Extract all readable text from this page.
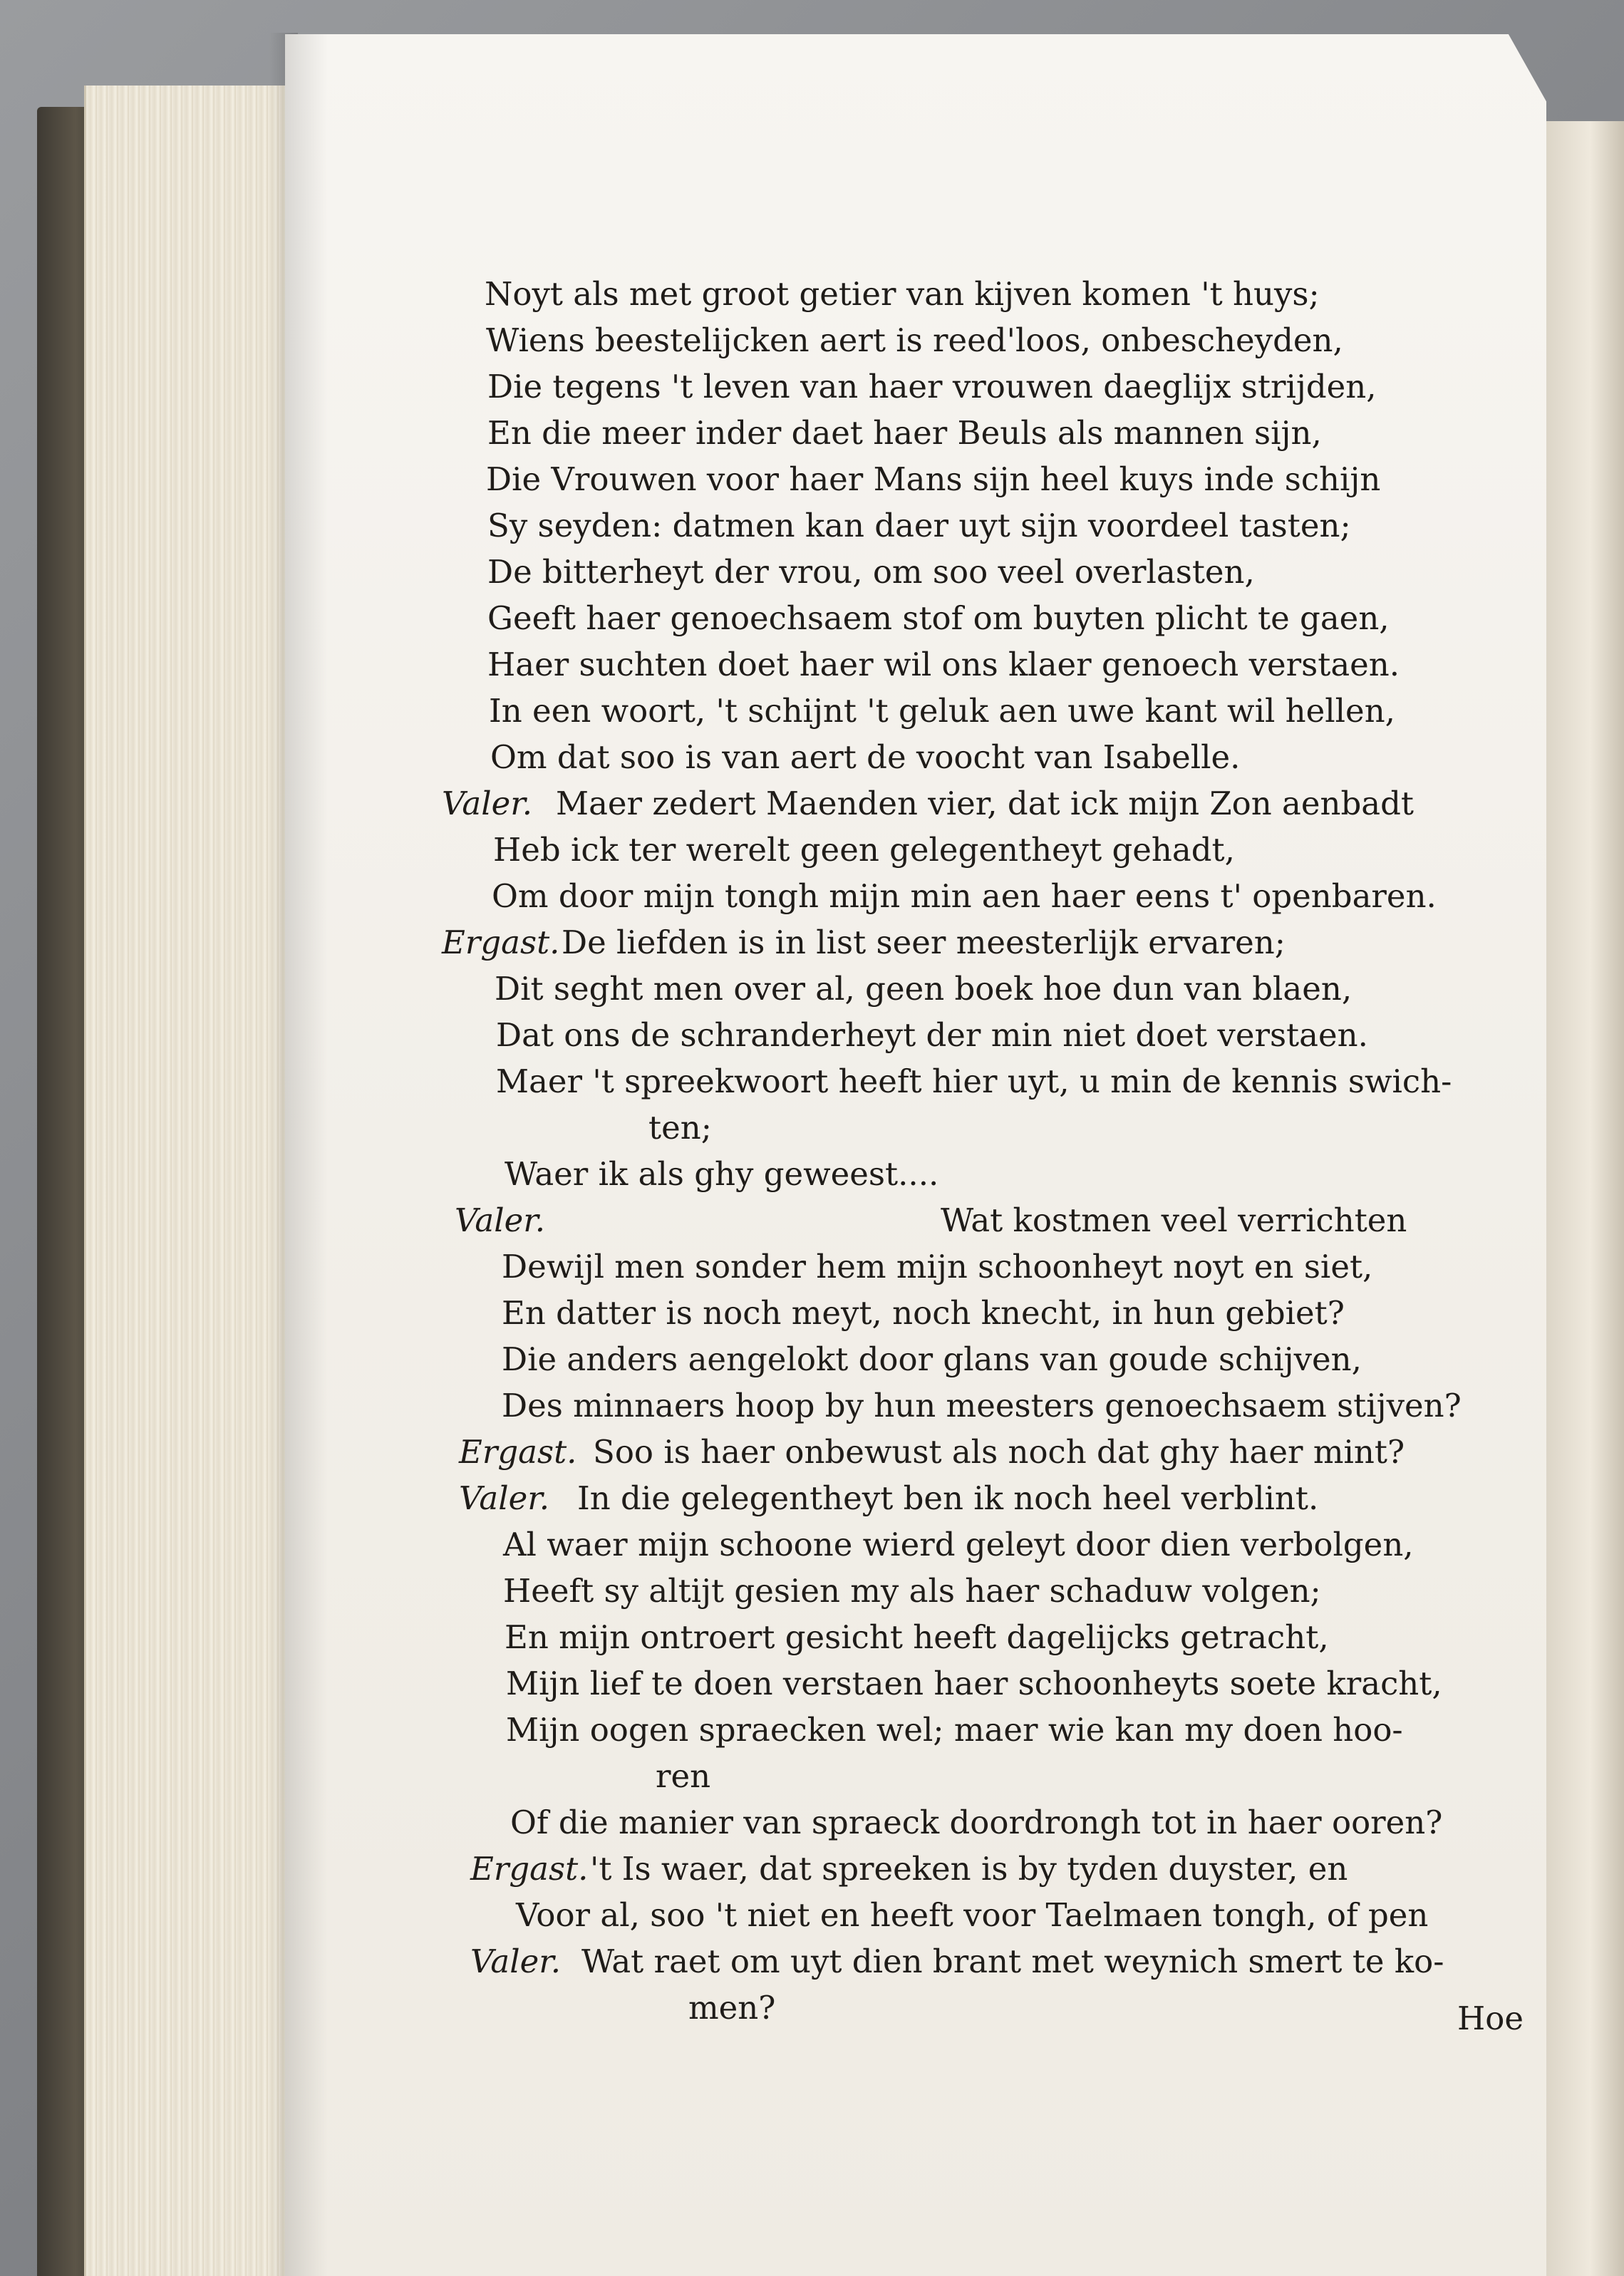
Noyt als met groot getier van kijven komen 't huys;
Wiens beestelijcken aert is reed'loos, onbescheyden,
Die tegens 't leven van haer vrouwen daeglijx strijden,
En die meer inder daet haer Beuls als mannen sijn,
Die Vrouwen voor haer Mans sijn heel kuys inde schijn
Sy seyden: datmen kan daer uyt sijn voordeel tasten;
De bitterheyt der vrou, om soo veel overlasten,
Geeft haer genoechsaem stof om buyten plicht te gaen,
Haer suchten doet haer wil ons klaer genoech verstaen.
In een woort, 't schijnt 't geluk aen uwe kant wil hellen,
Om dat soo is van aert de voocht van Isabelle.
Valer. Maer zedert Maenden vier, dat ick mijn Zon aenbadt
Heb ick ter werelt geen gelegentheyt gehadt,
Om door mijn tongh mijn min aen haer eens t' openbaren.
Ergast. De liefden is in list seer meesterlijk ervaren;
Dit seght men over al, geen boek hoe dun van blaen,
Dat ons de schranderheyt der min niet doet verstaen.
Maer 't spreekwoort heeft hier uyt, u min de kennis swich-
ten;
Waer ik als ghy geweest....
Valer.	Wat kostmen veel verrichten
Dewijl men sonder hem mijn schoonheyt noyt en siet,
En datter is noch meyt, noch knecht, in hun gebiet?
Die anders aengelokt door glans van goude schijven,
Des minnaers hoop by hun meesters genoechsaem stijven?
Ergast. Soo is haer onbewust als noch dat ghy haer mint?
Valer. In die gelegentheyt ben ik noch heel verblint.
Al waer mijn schoone wierd geleyt door dien verbolgen,
Heeft sy altijt gesien my als haer schaduw volgen;
En mijn ontroert gesicht heeft dagelijcks getracht,
Mijn lief te doen verstaen haer schoonheyts soete kracht,
Mijn oogen spraecken wel; maer wie kan my doen hoo-
ren
Of die manier van spraeck doordrongh tot in haer ooren?
Ergast. 't Is waer, dat spreeken is by tyden duyster, en
Voor al, soo 't niet en heeft voor Taelmaen tongh, of pen
Valer. Wat raet om uyt dien brant met weynich smert te ko-
men?	Hoe
